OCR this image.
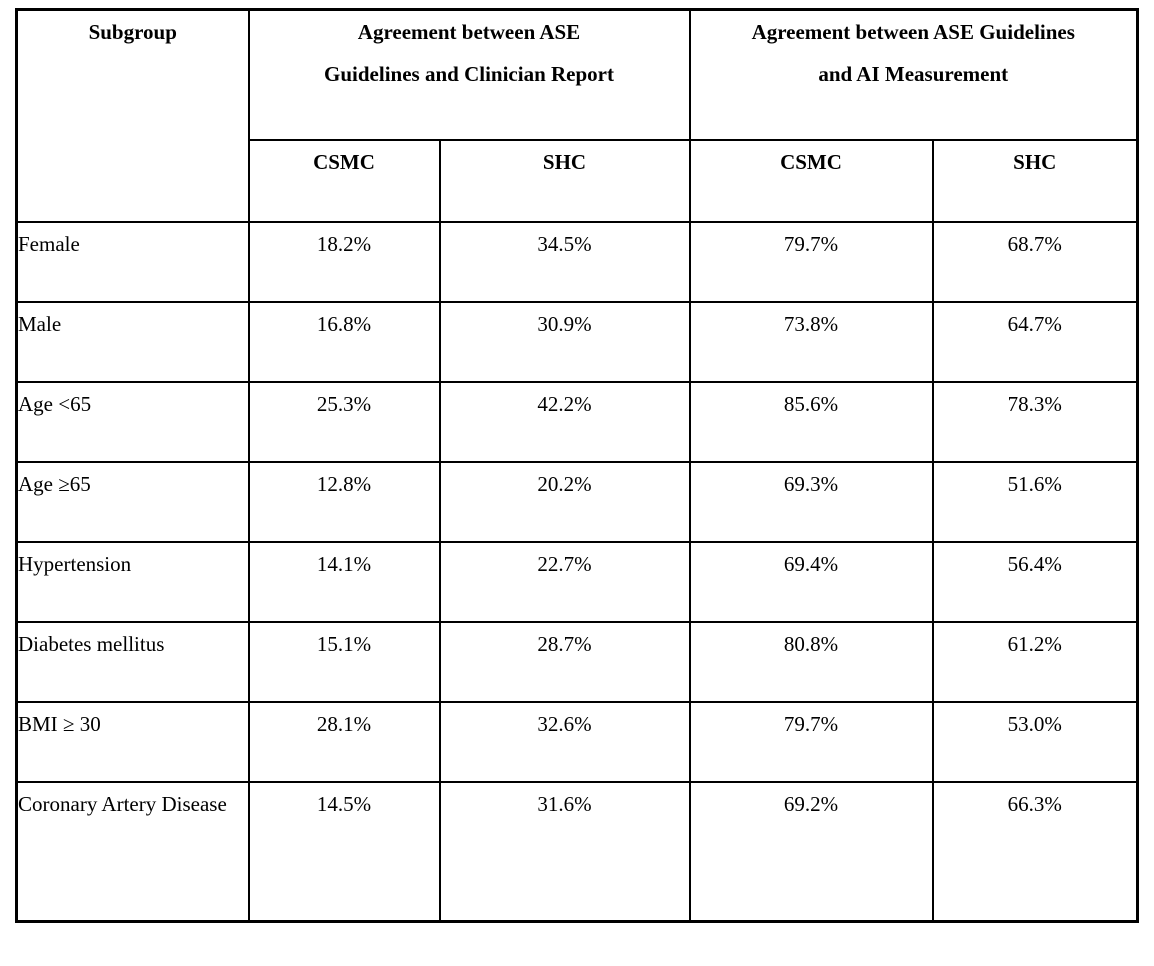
Subgroup	Agreement between ASE
Guidelines and Clinician Report

Agreement between ASE Guidelines
and AI Measurement

	CSMC	SHC	CSMC	SHC
Female	18.2%	34.5%	79.7%	68.7%
Male	16.8%	30.9%	73.8%	64.7%
Age <65	25.3%	42.2%	85.6%	78.3%
Age ≥65	12.8%	20.2%	69.3%	51.6%
Hypertension	14.1%	22.7%	69.4%	56.4%
Diabetes mellitus	15.1%	28.7%	80.8%	61.2%
BMI ≥ 30	28.1%	32.6%	79.7%	53.0%
Coronary Artery Disease	14.5%	31.6%	69.2%	66.3%
